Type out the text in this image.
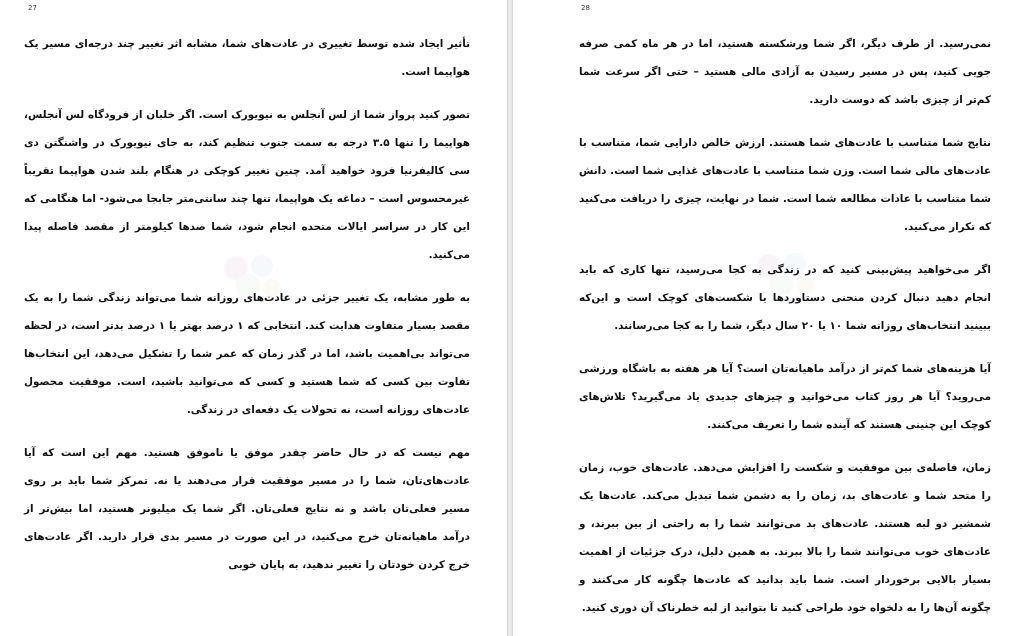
27

تأثیر ایجاد شده توسط تغییری در عادت‌های شما، مشابه اثر تغییر چند درجه‌ای مسیر یک هواپیما است.

تصور کنید پرواز شما از لس آنجلس به نیویورک است. اگر خلبان از فرودگاه لس آنجلس، هواپیما را تنها ۳.۵ درجه به سمت جنوب تنظیم کند، به جای نیویورک در واشنگتن دی سی کالیفرنیا فرود خواهید آمد. چنین تغییر کوچکی در هنگام بلند شدن هواپیما تقریباً غیرمحسوس است – دماغه یک هواپیما، تنها چند سانتی‌متر جابجا می‌شود- اما هنگامی که این کار در سراسر ایالات متحده انجام شود، شما صدها کیلومتر از مقصد فاصله پیدا می‌کنید.

به طور مشابه، یک تغییر جزئی در عادت‌های روزانه شما می‌تواند زندگی شما را به یک مقصد بسیار متفاوت هدایت کند. انتخابی که ۱ درصد بهتر یا ۱ درصد بدتر است، در لحظه می‌تواند بی‌اهمیت باشد، اما در گذر زمان که عمر شما را تشکیل می‌دهد، این انتخاب‌ها تفاوت بین کسی که شما هستید و کسی که می‌توانید باشید، است. موفقیت محصول عادت‌های روزانه است، نه تحولات یک دفعه‌ای در زندگی.

مهم نیست که در حال حاضر چقدر موفق یا ناموفق هستید. مهم این است که آیا عادت‌های‌تان، شما را در مسیر موفقیت قرار می‌دهند یا نه. تمرکز شما باید بر روی مسیر فعلی‌تان باشد و نه نتایج فعلی‌تان. اگر شما یک میلیونر هستید، اما بیش‌تر از درآمد ماهیانه‌تان خرج می‌کنید، در این صورت در مسیر بدی قرار دارید. اگر عادت‌های خرج کردن خودتان را تغییر ندهید، به پایان خوبی

28

نمی‌رسید. از طرف دیگر، اگر شما ورشکسته هستید، اما در هر ماه کمی صرفه جویی کنید، پس در مسیر رسیدن به آزادی مالی هستید – حتی اگر سرعت شما کم‌تر از چیزی باشد که دوست دارید.

نتایج شما متناسب با عادت‌های شما هستند. ارزش خالص دارایی شما، متناسب با عادت‌های مالی شما است. وزن شما متناسب با عادت‌های غذایی شما است. دانش شما متناسب با عادات مطالعه شما است. شما در نهایت، چیزی را دریافت می‌کنید که تکرار می‌کنید.

اگر می‌خواهید پیش‌بینی کنید که در زندگی به کجا می‌رسید، تنها کاری که باید انجام دهید دنبال کردن منحنی دستاوردها یا شکست‌های کوچک است و این‌که ببینید انتخاب‌های روزانه شما ۱۰ یا ۲۰ سال دیگر، شما را به کجا می‌رسانند.

آیا هزینه‌های شما کم‌تر از درآمد ماهیانه‌تان است؟ آیا هر هفته به باشگاه ورزشی می‌روید؟ آیا هر روز کتاب می‌خوانید و چیزهای جدیدی یاد می‌گیرید؟ تلاش‌های کوچک این چنینی هستند که آینده شما را تعریف می‌کنند.

زمان، فاصله‌ی بین موفقیت و شکست را افزایش می‌دهد. عادت‌های خوب، زمان را متحد شما و عادت‌های بد، زمان را به دشمن شما تبدیل می‌کند. عادت‌ها یک شمشیر دو لبه هستند. عادت‌های بد می‌توانند شما را به راحتی از بین ببرند، و عادت‌های خوب می‌توانند شما را بالا ببرند. به همین دلیل، درک جزئیات از اهمیت بسیار بالایی برخوردار است. شما باید بدانید که عادت‌ها چگونه کار می‌کنند و چگونه آن‌ها را به دلخواه خود طراحی کنید تا بتوانید از لبه خطرناک آن دوری کنید.
